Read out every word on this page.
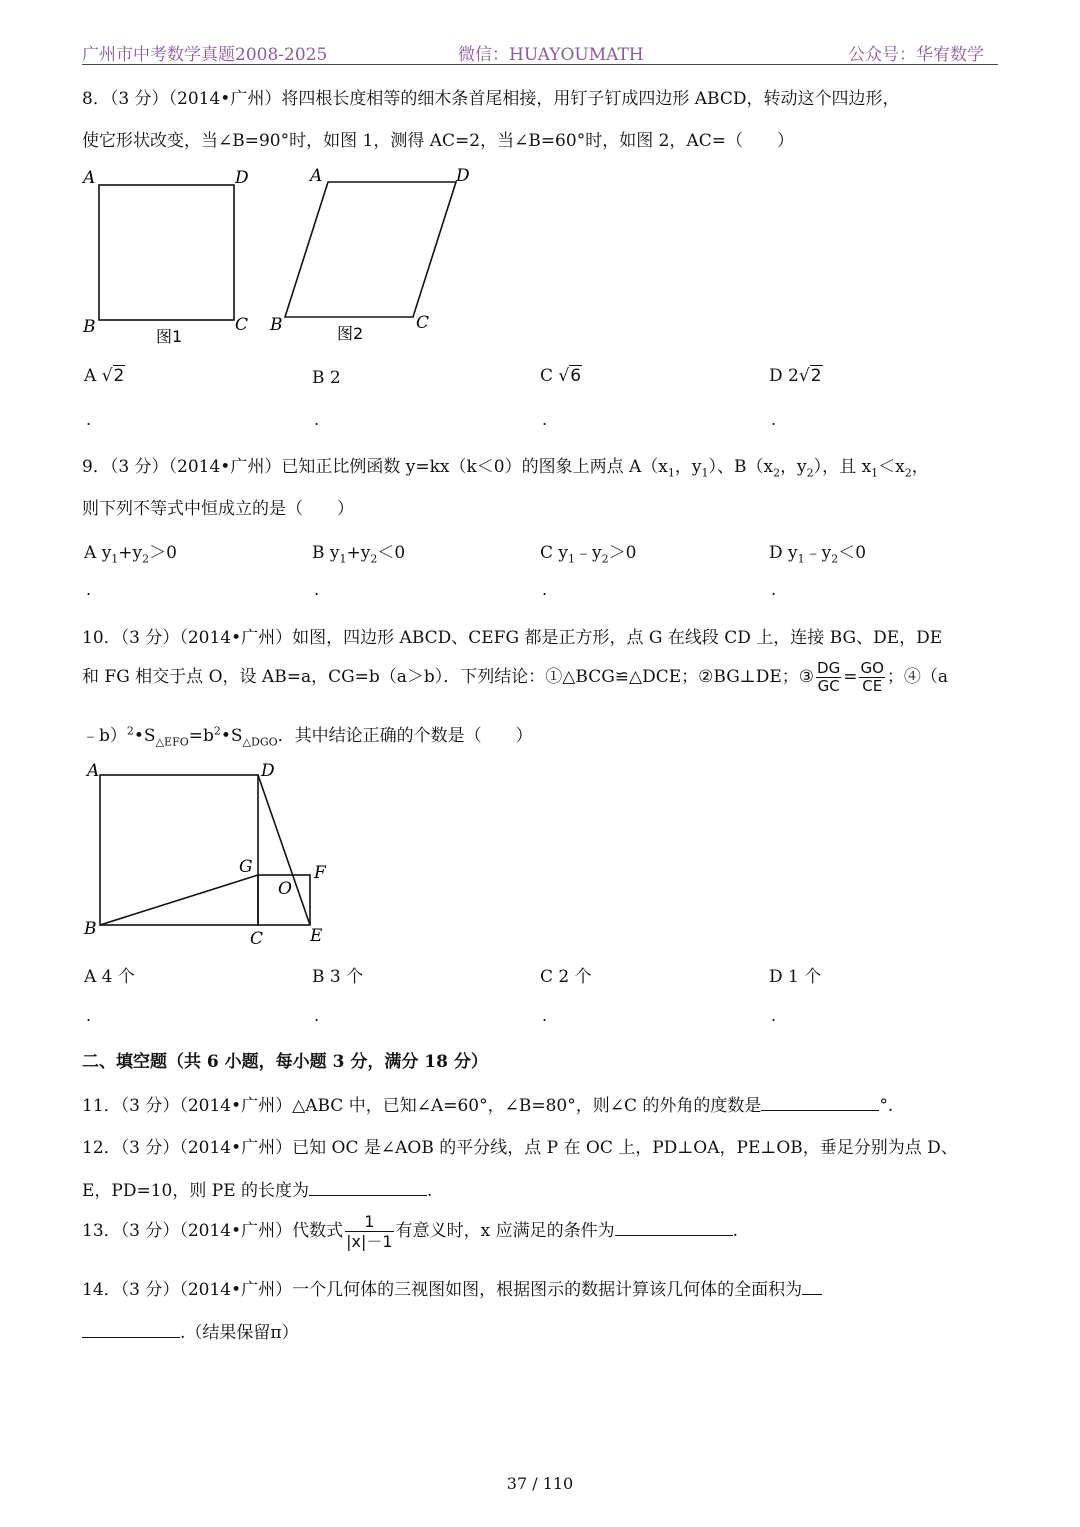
广州市中考数学真题2008-2025	微信：HUAYOUMATH	公众号：华宥数学
8．（3 分）（2014•广州）将四根长度相等的细木条首尾相接，用钉子钉成四边形 ABCD，转动这个四边形，
使它形状改变，当∠B=90°时，如图 1，测得 AC=2，当∠B=60°时，如图 2，AC=（　　）
A	D
B	C
图1
A	D
B	C
图2
A √2	B 2	C √6	D 2√2
.	.	.	.
9．（3 分）（2014•广州）已知正比例函数 y=kx（k＜0）的图象上两点 $A(x_1$，$y_1$）、$B(x_2$，$y_2$），且 $x_1<x_2$，
则下列不等式中恒成立的是（　　）
A $y_1+y_2>0$	B $y_1+y_2<0$	C $y_1﹣y_2>0$	D $y_1﹣y_2<0$
.	.	.	.
10．（3 分）（2014•广州）如图，四边形 ABCD、CEFG 都是正方形，点 G 在线段 CD 上，连接 BG、DE，DE
和 FG 相交于点 O，设 AB=a，CG=b（a＞b）．下列结论：①△BCG≌△DCE；②BG⊥DE；③ $\frac{DG}{GC} = \frac{GO}{CE}$ ；④（a
$﹣b)^2•S_{\triangle EFO}=b^2•S_{\triangle DGO}$．其中结论正确的个数是（　　）
A	D
G	F
O
B	C	E
A 4 个	B 3 个	C 2 个	D 1 个
.	.	.	.
二、填空题（共 6 小题，每小题 3 分，满分 18 分）
11．（3 分）（2014•广州）△ABC 中，已知∠A=60°，∠B=80°，则∠C 的外角的度数是	°.
12．（3 分）（2014•广州）已知 OC 是∠AOB 的平分线，点 P 在 OC 上，PD⊥OA，PE⊥OB，垂足分别为点 D、
E，PD=10，则 PE 的长度为	.
13．（3 分）（2014•广州）代数式 $\frac{1}{|x|-1}$ 有意义时，x 应满足的条件为	.
14．（3 分）（2014•广州）一个几何体的三视图如图，根据图示的数据计算该几何体的全面积为
.（结果保留π）
37 / 110
